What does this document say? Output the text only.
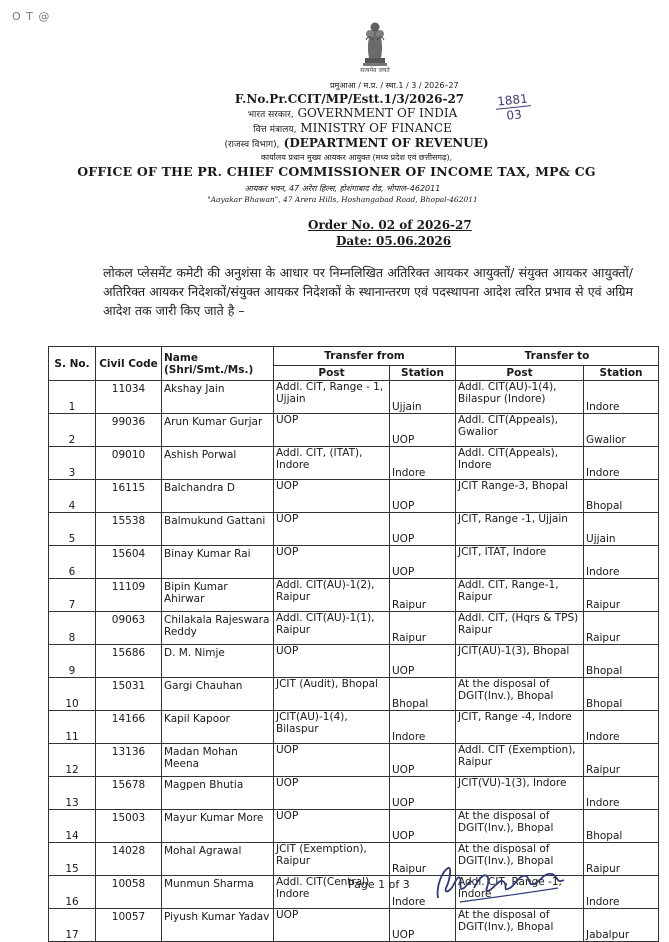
O T @
सत्यमेव जयते
प्रमुआआ / म.प्र. / स्था.1 / 3 / 2026–27
F.No.Pr.CCIT/MP/Estt.1/3/2026-27
भारत सरकार, GOVERNMENT OF INDIA
वित्त मंत्रालय, MINISTRY OF FINANCE
(राजस्व विभाग), (DEPARTMENT OF REVENUE)
कार्यालय प्रधान मुख्य आयकर आयुक्त (मध्य प्रदेश एवं छत्तीसगढ़),
OFFICE OF THE PR. CHIEF COMMISSIONER OF INCOME TAX, MP& CG
आयकर भवन, 47 अरेरा हिल्स, होशंगाबाद रोड, भोपाल–462011
"Aayakar Bhawan", 47 Arera Hills, Hoshangabad Road, Bhopal-462011
$\frac{1881}{03}$
Order No. 02 of 2026-27
Date: 05.06.2026
लोकल प्लेसमेंट कमेटी की अनुशंसा के आधार पर निम्नलिखित अतिरिक्त आयकर आयुक्तों/ संयुक्त आयकर आयुक्तों/अतिरिक्त आयकर निदेशकों/संयुक्त आयकर निदेशकों के स्थानान्तरण एवं पदस्थापना आदेश त्वरित प्रभाव से एवं अग्रिम आदेश तक जारी किए जाते है –
S. No.	Civil Code	Name (Shri/Smt./Ms.)	Transfer from		Transfer to	
			Post	Station	Post	Station
1	11034	Akshay Jain	Addl. CIT, Range - 1, Ujjain	Ujjain	Addl. CIT(AU)-1(4), Bilaspur (Indore)	Indore
2	99036	Arun Kumar Gurjar	UOP	UOP	Addl. CIT(Appeals), Gwalior	Gwalior
3	09010	Ashish Porwal	Addl. CIT, (ITAT), Indore	Indore	Addl. CIT(Appeals), Indore	Indore
4	16115	Balchandra D	UOP	UOP	JCIT Range-3, Bhopal	Bhopal
5	15538	Balmukund Gattani	UOP	UOP	JCIT, Range -1, Ujjain	Ujjain
6	15604	Binay Kumar Rai	UOP	UOP	JCIT, ITAT, Indore	Indore
7	11109	Bipin Kumar Ahirwar	Addl. CIT(AU)-1(2), Raipur	Raipur	Addl. CIT, Range-1, Raipur	Raipur
8	09063	Chilakala Rajeswara Reddy	Addl. CIT(AU)-1(1), Raipur	Raipur	Addl. CIT, (Hqrs & TPS) Raipur	Raipur
9	15686	D. M. Nimje	UOP	UOP	JCIT(AU)-1(3), Bhopal	Bhopal
10	15031	Gargi Chauhan	JCIT (Audit), Bhopal	Bhopal	At the disposal of DGIT(Inv.), Bhopal	Bhopal
11	14166	Kapil Kapoor	JCIT(AU)-1(4), Bilaspur	Indore	JCIT, Range -4, Indore	Indore
12	13136	Madan Mohan Meena	UOP	UOP	Addl. CIT (Exemption), Raipur	Raipur
13	15678	Magpen Bhutia	UOP	UOP	JCIT(VU)-1(3), Indore	Indore
14	15003	Mayur Kumar More	UOP	UOP	At the disposal of DGIT(Inv.), Bhopal	Bhopal
15	14028	Mohal Agrawal	JCIT (Exemption), Raipur	Raipur	At the disposal of DGIT(Inv.), Bhopal	Raipur
16	10058	Munmun Sharma	Addl. CIT(Central) Indore	Indore	Addl. CIT, Range -1, Indore	Indore
17	10057	Piyush Kumar Yadav	UOP	UOP	At the disposal of DGIT(Inv.), Bhopal	Jabalpur
Page 1 of 3
